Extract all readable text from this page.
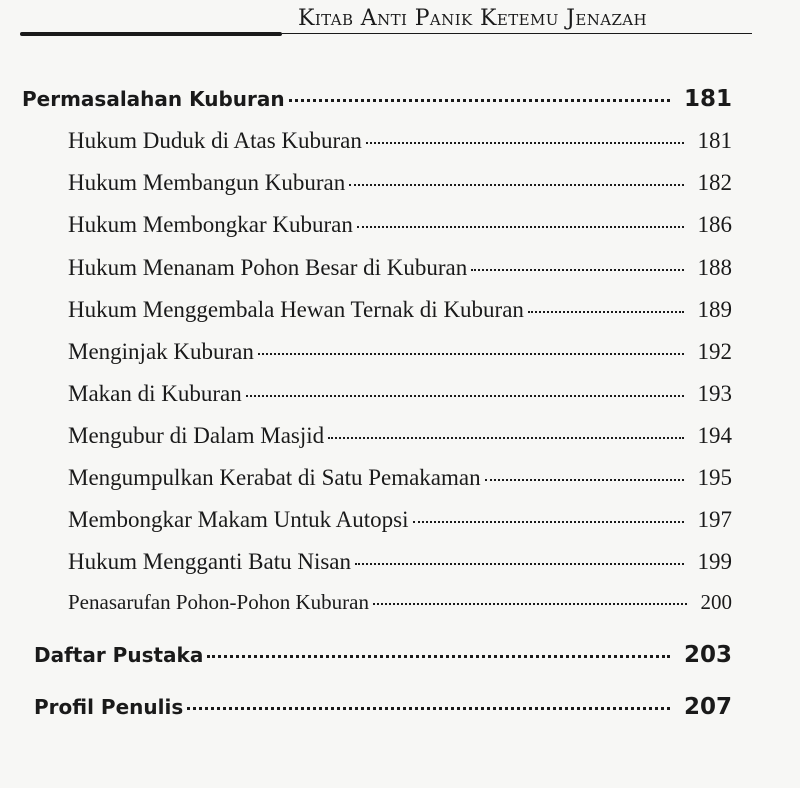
Kitab Anti Panik Ketemu Jenazah
Permasalahan Kuburan	181
Hukum Duduk di Atas Kuburan	181
Hukum Membangun Kuburan	182
Hukum Membongkar Kuburan	186
Hukum Menanam Pohon Besar di Kuburan	188
Hukum Menggembala Hewan Ternak di Kuburan	189
Menginjak Kuburan	192
Makan di Kuburan	193
Mengubur di Dalam Masjid	194
Mengumpulkan Kerabat di Satu Pemakaman	195
Membongkar Makam Untuk Autopsi	197
Hukum Mengganti Batu Nisan	199
Penasarufan Pohon-Pohon Kuburan	200
Daftar Pustaka	203
Profil Penulis	207
